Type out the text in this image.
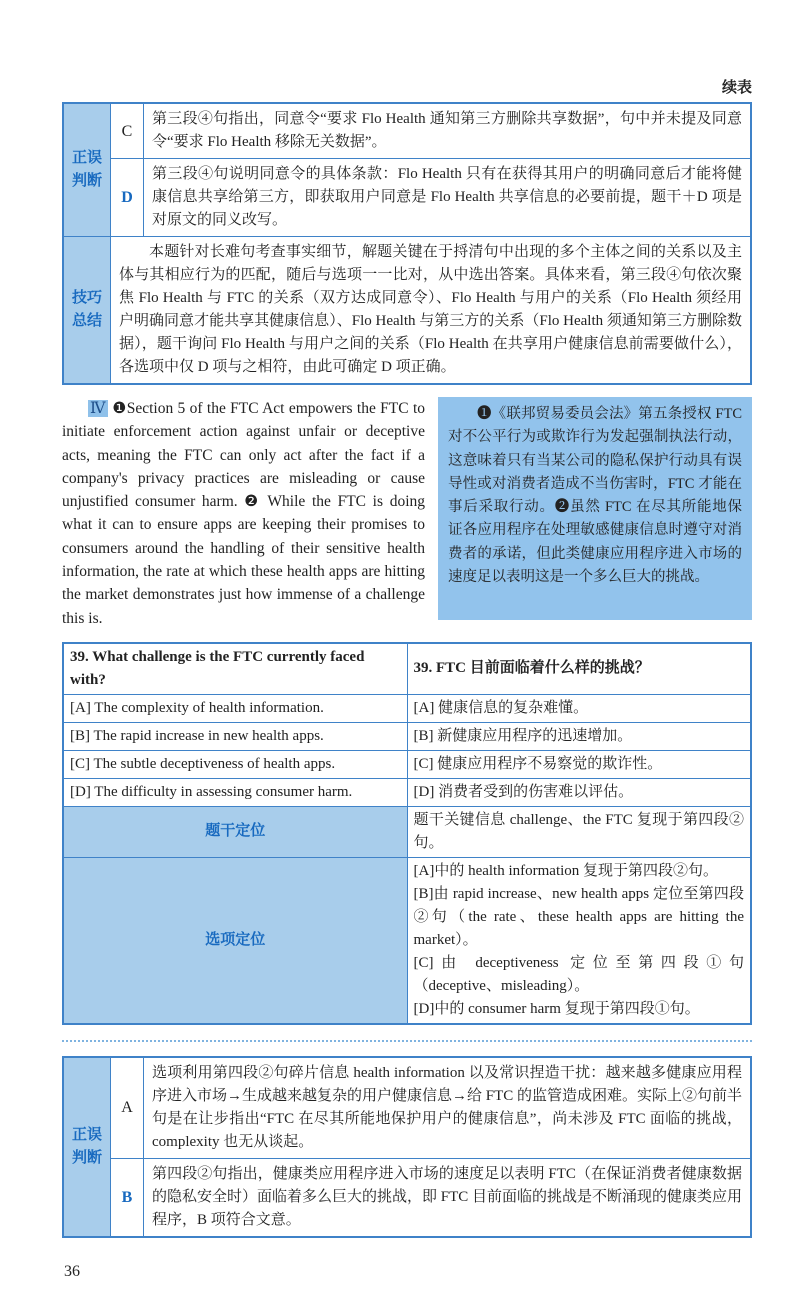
续表
正误判断	C	第三段④句指出，同意令“要求 Flo Health 通知第三方删除共享数据”，句中并未提及同意令“要求 Flo Health 移除无关数据”。
	D	第三段④句说明同意令的具体条款：Flo Health 只有在获得其用户的明确同意后才能将健康信息共享给第三方，即获取用户同意是 Flo Health 共享信息的必要前提，题干＋D 项是对原文的同义改写。
技巧总结	本题针对长难句考查事实细节，解题关键在于捋清句中出现的多个主体之间的关系以及主体与其相应行为的匹配，随后与选项一一比对，从中选出答案。具体来看，第三段④句依次聚焦 Flo Health 与 FTC 的关系（双方达成同意令）、Flo Health 与用户的关系（Flo Health 须经用户明确同意才能共享其健康信息）、Flo Health 与第三方的关系（Flo Health 须通知第三方删除数据），题干询问 Flo Health 与用户之间的关系（Flo Health 在共享用户健康信息前需要做什么），各选项中仅 D 项与之相符，由此可确定 D 项正确。	
Ⅳ ❶Section 5 of the FTC Act empowers the FTC to initiate enforcement action against unfair or deceptive acts, meaning the FTC can only act after the fact if a company's privacy practices are misleading or cause unjustified consumer harm. ❷ While the FTC is doing what it can to ensure apps are keeping their promises to consumers around the handling of their sensitive health information, the rate at which these health apps are hitting the market demonstrates just how immense of a challenge this is.
❶《联邦贸易委员会法》第五条授权 FTC 对不公平行为或欺诈行为发起强制执法行动，这意味着只有当某公司的隐私保护行动具有误导性或对消费者造成不当伤害时，FTC 才能在事后采取行动。❷虽然 FTC 在尽其所能地保证各应用程序在处理敏感健康信息时遵守对消费者的承诺，但此类健康应用程序进入市场的速度足以表明这是一个多么巨大的挑战。
39. What challenge is the FTC currently faced with?	39. FTC 目前面临着什么样的挑战？
[A] The complexity of health information.	[A] 健康信息的复杂难懂。
[B] The rapid increase in new health apps.	[B] 新健康应用程序的迅速增加。
[C] The subtle deceptiveness of health apps.	[C] 健康应用程序不易察觉的欺诈性。
[D] The difficulty in assessing consumer harm.	[D] 消费者受到的伤害难以评估。
题干定位	题干关键信息 challenge、the FTC 复现于第四段②句。
选项定位	[A]中的 health information 复现于第四段②句。
[B]由 rapid increase、new health apps 定位至第四段②句（the rate、these health apps are hitting the market）。
[C]由 deceptiveness 定位至第四段①句（deceptive、misleading）。
[D]中的 consumer harm 复现于第四段①句。
正误判断	A	选项利用第四段②句碎片信息 health information 以及常识捏造干扰：越来越多健康应用程序进入市场→生成越来越复杂的用户健康信息→给 FTC 的监管造成困难。实际上②句前半句是在让步指出“FTC 在尽其所能地保护用户的健康信息”，尚未涉及 FTC 面临的挑战，complexity 也无从谈起。
	B	第四段②句指出，健康类应用程序进入市场的速度足以表明 FTC（在保证消费者健康数据的隐私安全时）面临着多么巨大的挑战，即 FTC 目前面临的挑战是不断涌现的健康类应用程序，B 项符合文意。
36
